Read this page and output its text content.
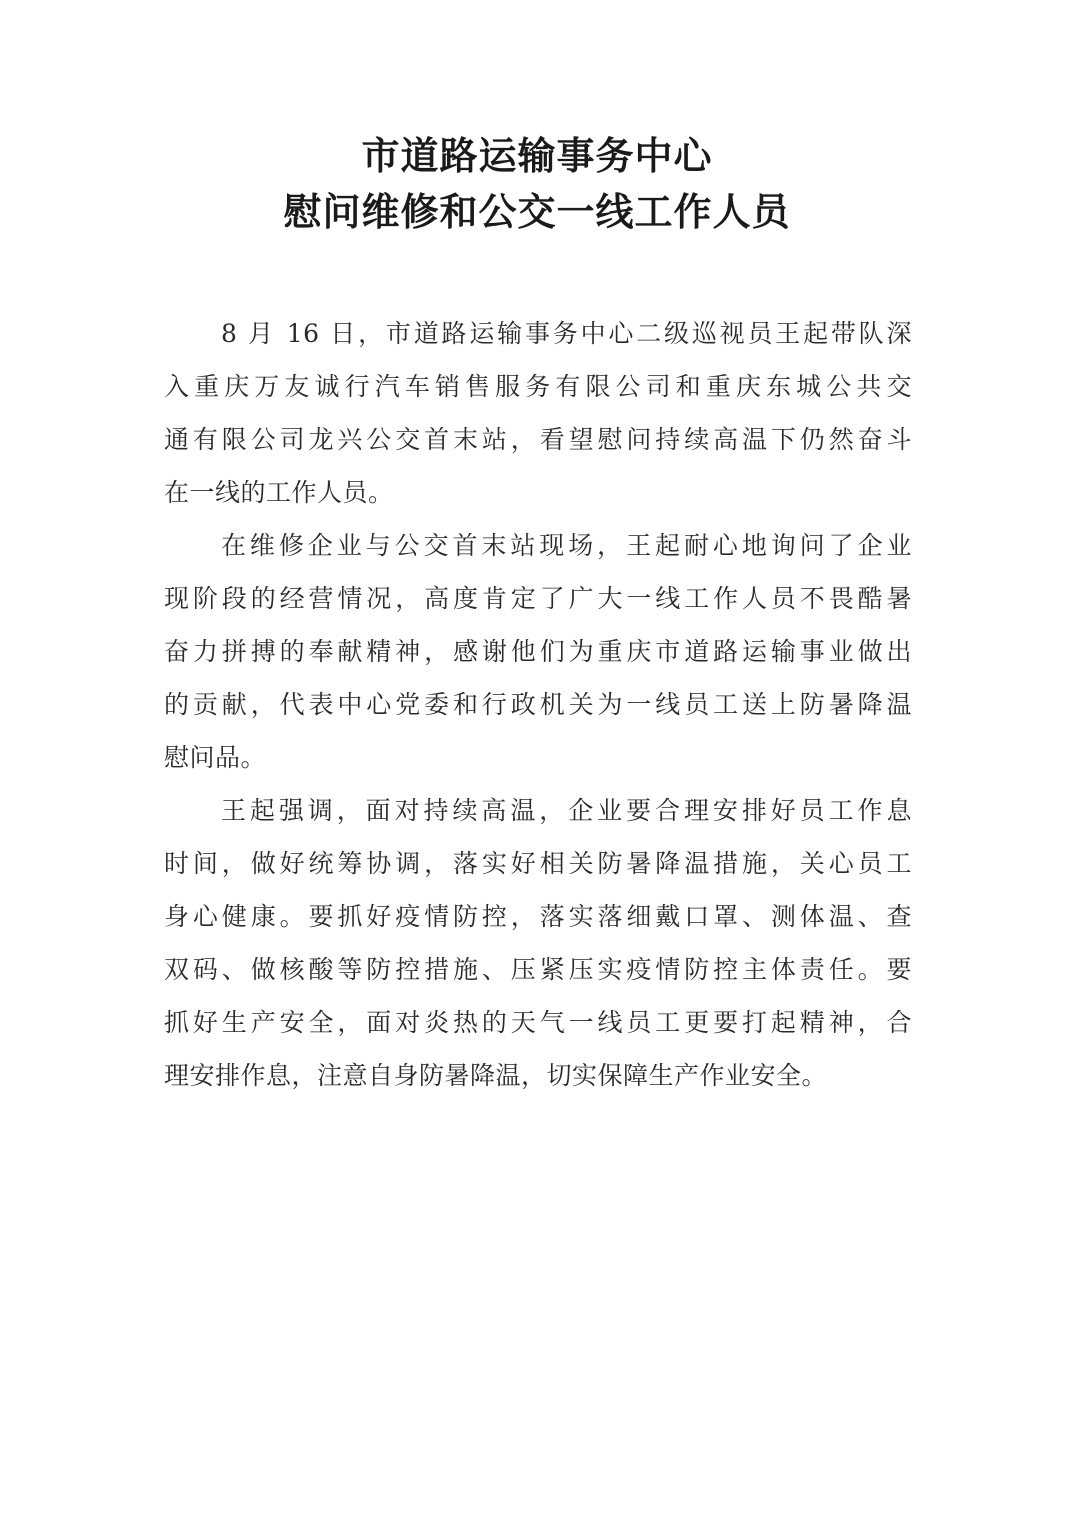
市道路运输事务中心
慰问维修和公交一线工作人员
8 月 16 日，市道路运输事务中心二级巡视员王起带队深
入重庆万友诚行汽车销售服务有限公司和重庆东城公共交
通有限公司龙兴公交首末站，看望慰问持续高温下仍然奋斗
在一线的工作人员。
在维修企业与公交首末站现场，王起耐心地询问了企业
现阶段的经营情况，高度肯定了广大一线工作人员不畏酷暑
奋力拼搏的奉献精神，感谢他们为重庆市道路运输事业做出
的贡献，代表中心党委和行政机关为一线员工送上防暑降温
慰问品。
王起强调，面对持续高温，企业要合理安排好员工作息
时间，做好统筹协调，落实好相关防暑降温措施，关心员工
身心健康。要抓好疫情防控，落实落细戴口罩、测体温、查
双码、做核酸等防控措施、压紧压实疫情防控主体责任。要
抓好生产安全，面对炎热的天气一线员工更要打起精神，合
理安排作息，注意自身防暑降温，切实保障生产作业安全。
